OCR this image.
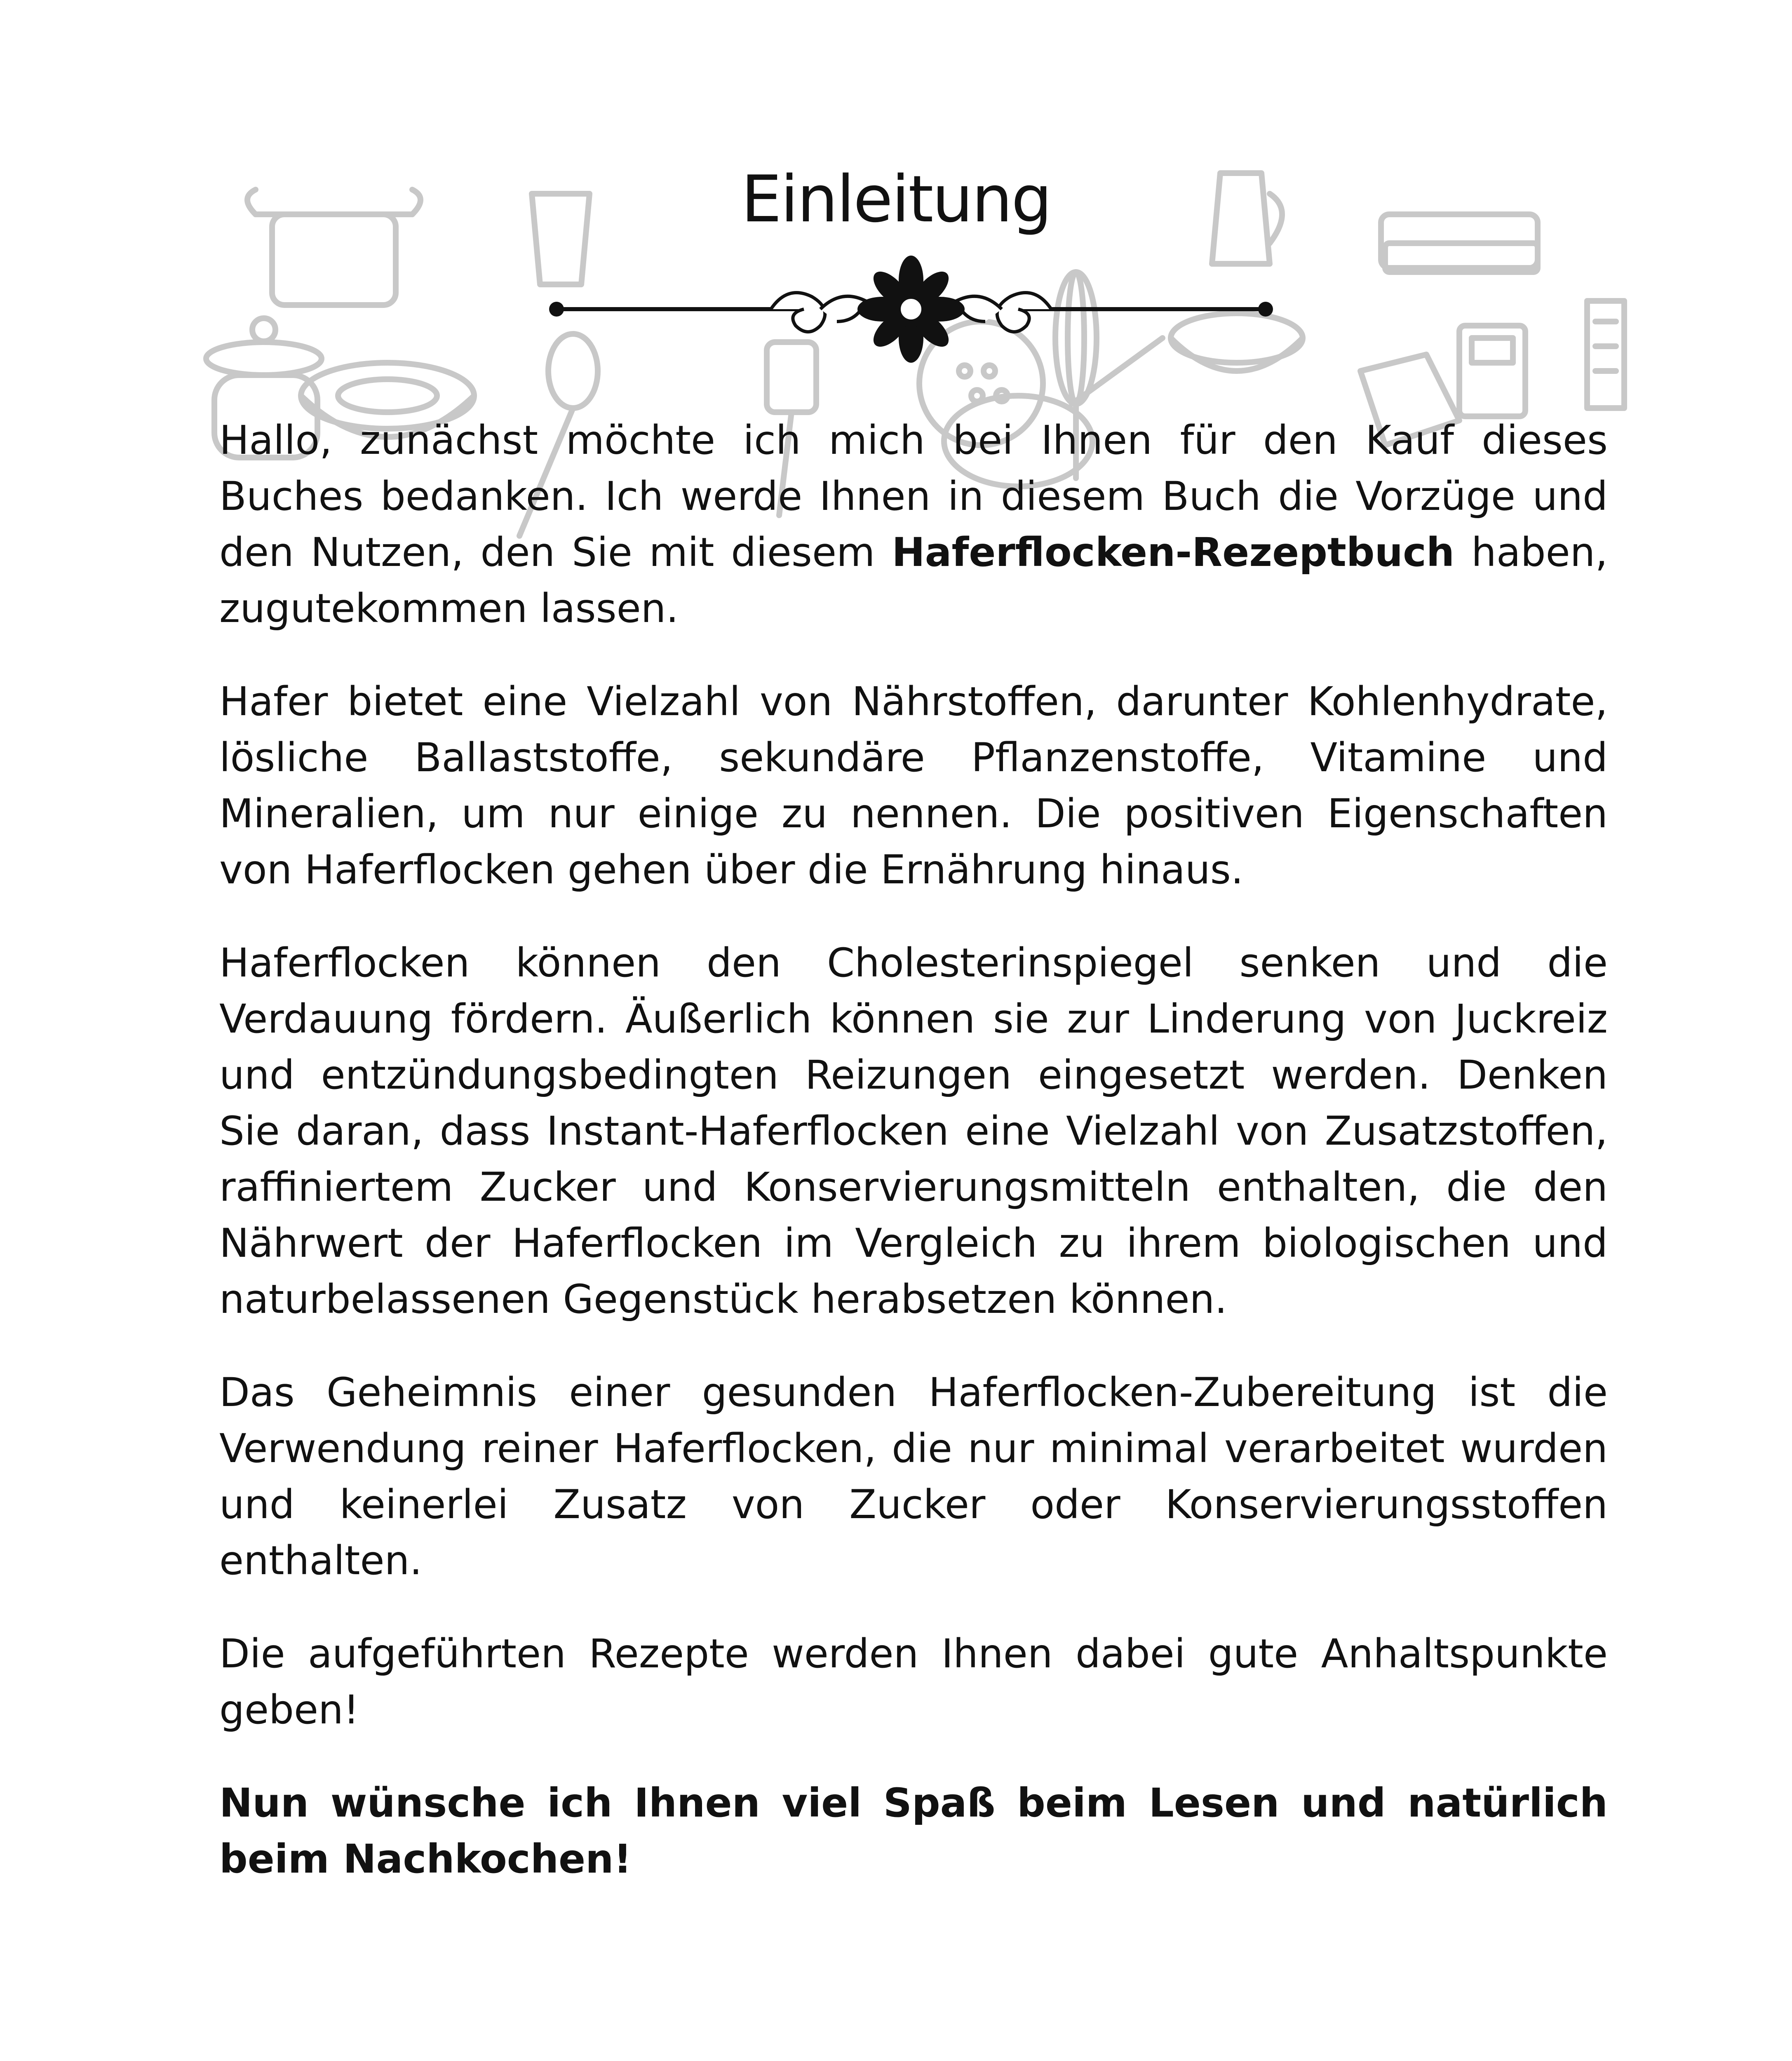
Einleitung

Hallo, zunächst möchte ich mich bei Ihnen für den Kauf dieses Buches bedanken. Ich werde Ihnen in diesem Buch die Vorzüge und den Nutzen, den Sie mit diesem Haferflocken-Rezeptbuch haben, zugutekommen lassen.

Hafer bietet eine Vielzahl von Nährstoffen, darunter Kohlenhydrate, lösliche Ballaststoffe, sekundäre Pflanzenstoffe, Vitamine und Mineralien, um nur einige zu nennen. Die positiven Eigenschaften von Haferflocken gehen über die Ernährung hinaus.

Haferflocken können den Cholesterinspiegel senken und die Verdauung fördern. Äußerlich können sie zur Linderung von Juckreiz und entzündungsbedingten Reizungen eingesetzt werden. Denken Sie daran, dass Instant-Haferflocken eine Vielzahl von Zusatzstoffen, raffiniertem Zucker und Konservierungsmitteln enthalten, die den Nährwert der Haferflocken im Vergleich zu ihrem biologischen und naturbelassenen Gegenstück herabsetzen können.

Das Geheimnis einer gesunden Haferflocken-Zubereitung ist die Verwendung reiner Haferflocken, die nur minimal verarbeitet wurden und keinerlei Zusatz von Zucker oder Konservierungsstoffen enthalten.

Die aufgeführten Rezepte werden Ihnen dabei gute Anhaltspunkte geben!

Nun wünsche ich Ihnen viel Spaß beim Lesen und natürlich beim Nachkochen!
